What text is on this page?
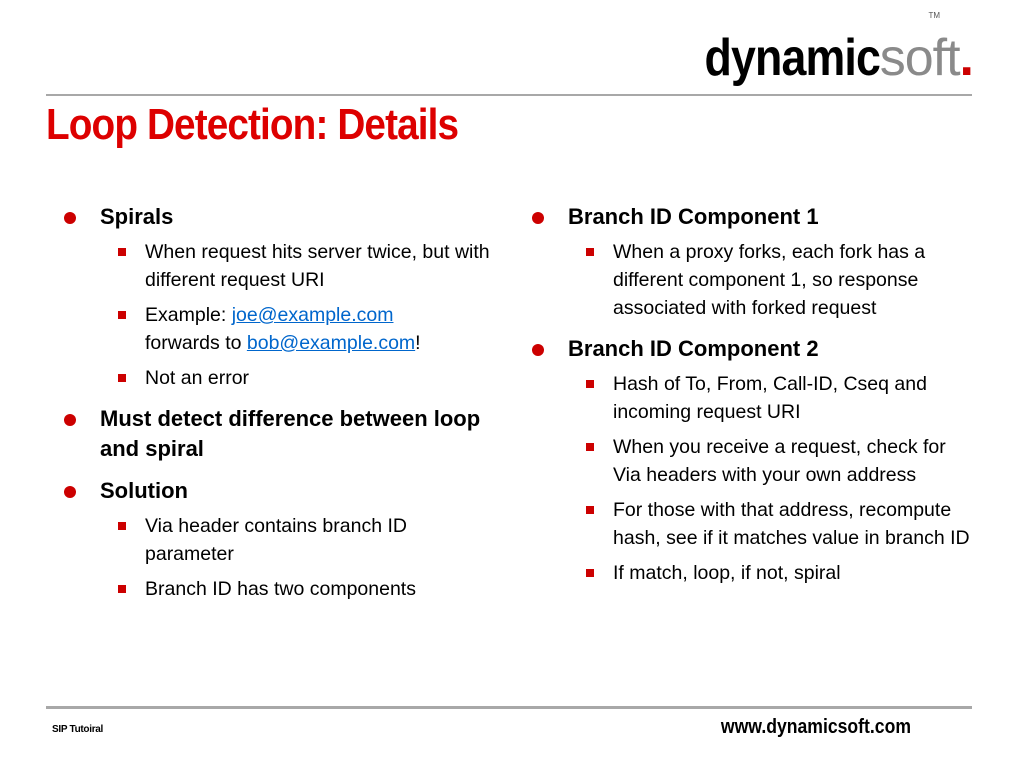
dynamicsoft.
TM
Loop Detection: Details
Spirals
When request hits server twice, but with different request URI
Example: joe@example.com
forwards to bob@example.com!
Not an error
Must detect difference between loop and spiral
Solution
Via header contains branch ID parameter
Branch ID has two components
Branch ID Component 1
When a proxy forks, each fork has a different component 1, so response associated with forked request
Branch ID Component 2
Hash of To, From, Call-ID, Cseq and incoming request URI
When you receive a request, check for Via headers with your own address
For those with that address, recompute hash, see if it matches value in branch ID
If match, loop, if not, spiral
SIP Tutoiral	www.dynamicsoft.com
